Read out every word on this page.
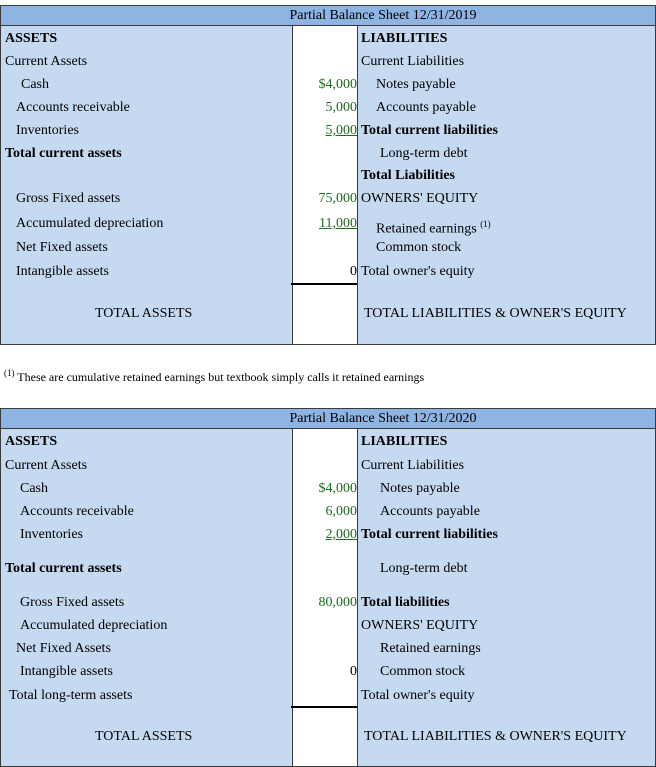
Partial Balance Sheet 12/31/2019
$4,000
5,000
5,000
75,000
11,000
0
ASSETS
Current Assets
Cash
Accounts receivable
Inventories
Total current assets
Gross Fixed assets
Accumulated depreciation
Net Fixed assets
Intangible assets
TOTAL ASSETS
LIABILITIES
Current Liabilities
Notes payable
Accounts payable
Total current liabilities
Long-term debt
Total Liabilities
OWNERS' EQUITY
Retained earnings $^{(1)}$
Common stock
Total owner's equity
TOTAL LIABILITIES & OWNER'S EQUITY
$^{(1)}$ These are cumulative retained earnings but textbook simply calls it retained earnings
Partial Balance Sheet 12/31/2020
$4,000
6,000
2,000
80,000
0
ASSETS
Current Assets
Cash
Accounts receivable
Inventories
Total current assets
Gross Fixed assets
Accumulated depreciation
Net Fixed Assets
Intangible assets
Total long-term assets
TOTAL ASSETS
LIABILITIES
Current Liabilities
Notes payable
Accounts payable
Total current liabilities
Long-term debt
Total liabilities
OWNERS' EQUITY
Retained earnings
Common stock
Total owner's equity
TOTAL LIABILITIES & OWNER'S EQUITY
